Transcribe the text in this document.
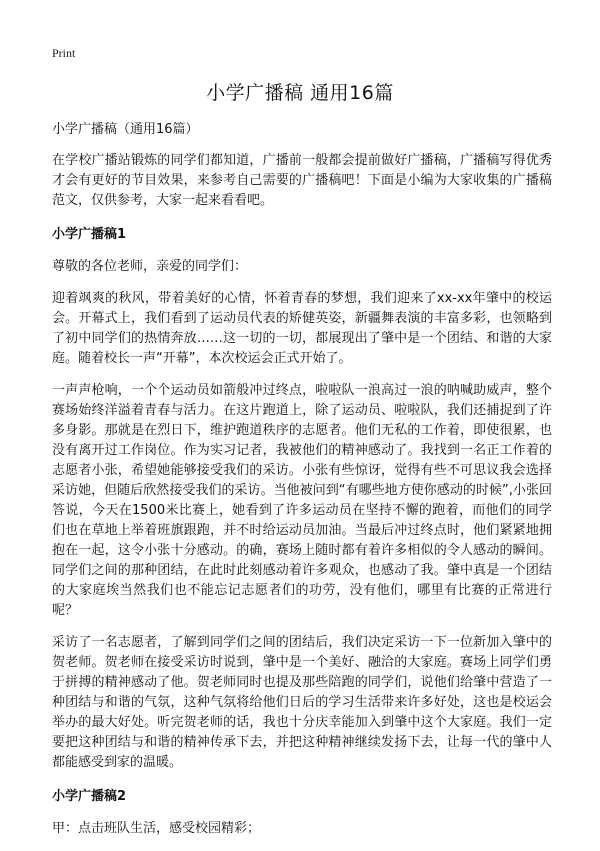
Print
小学广播稿 通用16篇
小学广播稿（通用16篇）

在学校广播站锻炼的同学们都知道，广播前一般都会提前做好广播稿，广播稿写得优秀才会有更好的节目效果，来参考自己需要的广播稿吧！下面是小编为大家收集的广播稿范文，仅供参考，大家一起来看看吧。

小学广播稿1

尊敬的各位老师，亲爱的同学们：

迎着飒爽的秋风，带着美好的心情，怀着青春的梦想，我们迎来了xx-xx年肇中的校运会。开幕式上，我们看到了运动员代表的矫健英姿，新疆舞表演的丰富多彩，也领略到了初中同学们的热情奔放……这一切的一切，都展现出了肇中是一个团结、和谐的大家庭。随着校长一声“开幕”，本次校运会正式开始了。

一声声枪响，一个个运动员如箭般冲过终点，啦啦队一浪高过一浪的呐喊助威声，整个赛场始终洋溢着青春与活力。在这片跑道上，除了运动员、啦啦队，我们还捕捉到了许多身影。那就是在烈日下，维护跑道秩序的志愿者。他们无私的工作着，即使很累，也没有离开过工作岗位。作为实习记者，我被他们的精神感动了。我找到一名正工作着的志愿者小张，希望她能够接受我们的采访。小张有些惊讶，觉得有些不可思议我会选择采访她，但随后欣然接受我们的采访。当他被问到“有哪些地方使你感动的时候”,小张回答说，今天在1500米比赛上，她看到了许多运动员在坚持不懈的跑着，而他们的同学们也在草地上举着班旗跟跑，并不时给运动员加油。当最后冲过终点时，他们紧紧地拥抱在一起，这令小张十分感动。的确，赛场上随时都有着许多相似的令人感动的瞬间。同学们之间的那种团结，在此时此刻感动着许多观众，也感动了我。肇中真是一个团结的大家庭埃当然我们也不能忘记志愿者们的功劳，没有他们，哪里有比赛的正常进行呢？

采访了一名志愿者，了解到同学们之间的团结后，我们决定采访一下一位新加入肇中的贺老师。贺老师在接受采访时说到，肇中是一个美好、融洽的大家庭。赛场上同学们勇于拼搏的精神感动了他。贺老师同时也提及那些陪跑的同学们，说他们给肇中营造了一种团结与和谐的气氛，这种气氛将给他们日后的学习生活带来许多好处，这也是校运会举办的最大好处。听完贺老师的话，我也十分庆幸能加入到肇中这个大家庭。我们一定要把这种团结与和谐的精神传承下去，并把这种精神继续发扬下去，让每一代的肇中人都能感受到家的温暖。

小学广播稿2

甲：点击班队生活，感受校园精彩；
